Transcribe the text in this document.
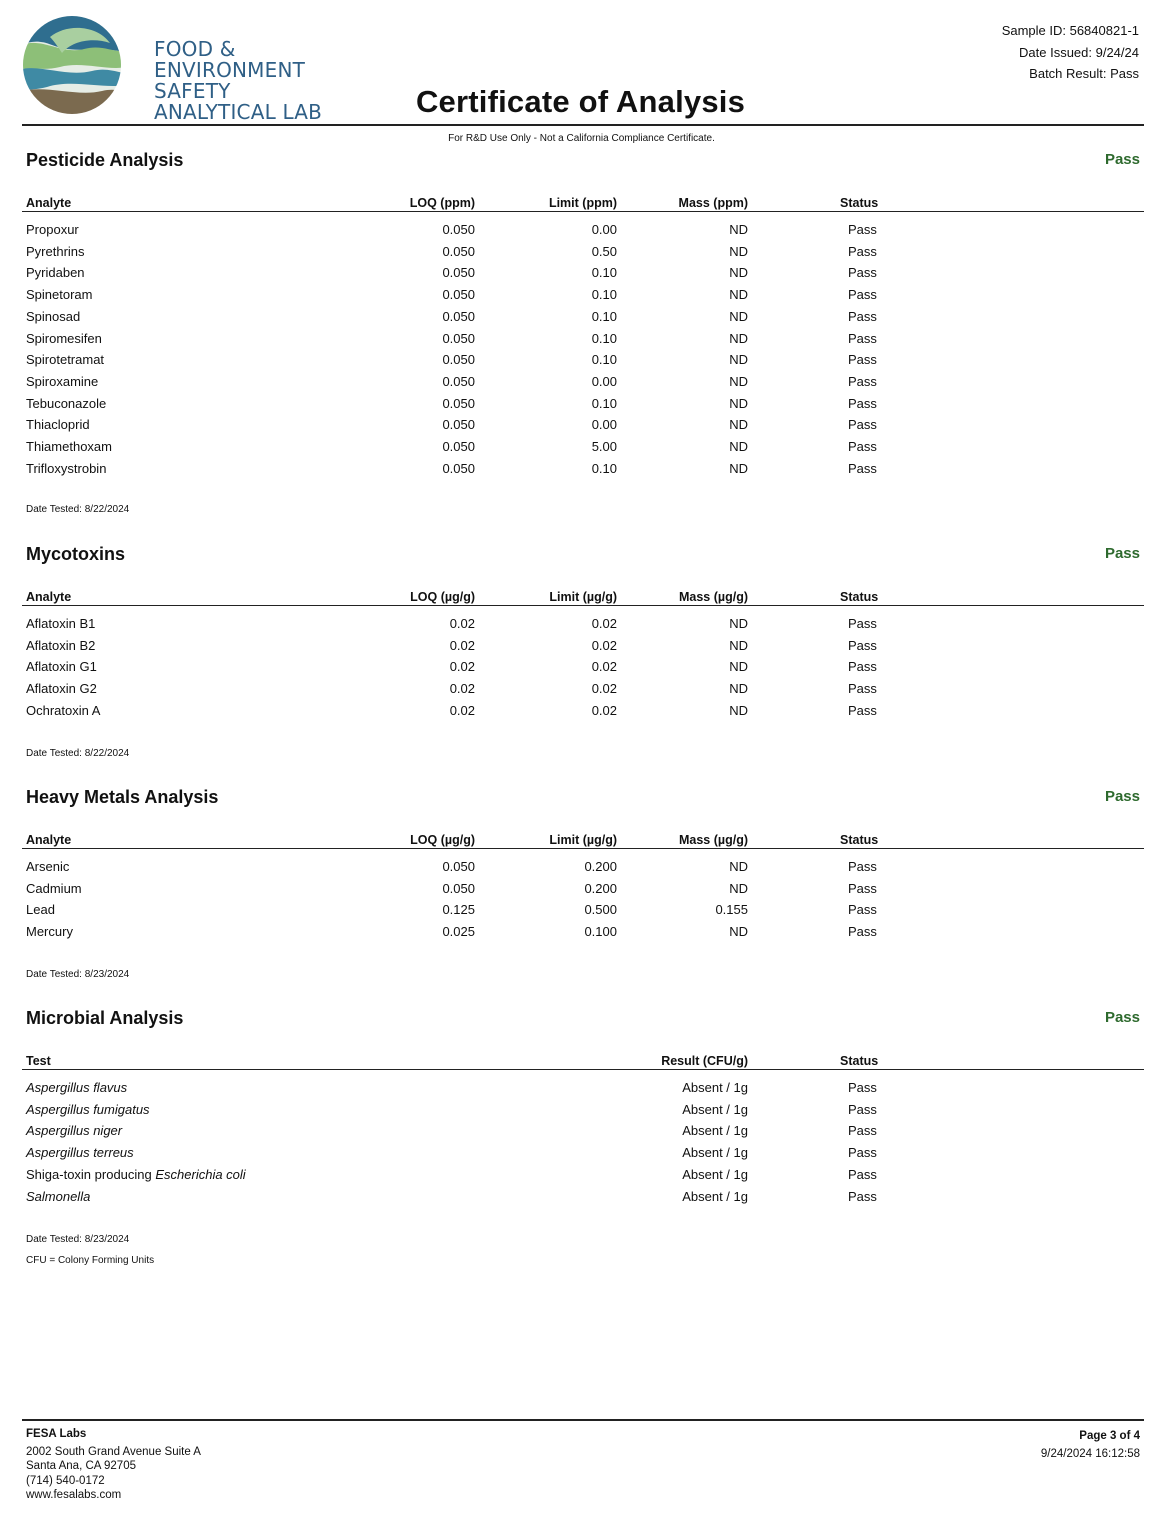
FOOD &
ENVIRONMENT
SAFETY
ANALYTICAL LAB
Sample ID: 56840821-1
Date Issued: 9/24/24
Batch Result: Pass
Certificate of Analysis
For R&D Use Only - Not a California Compliance Certificate.
Pesticide Analysis	Pass
Analyte	LOQ (ppm)	Limit (ppm)	Mass (ppm)	Status
Propoxur	0.050	0.00	ND	Pass
Pyrethrins	0.050	0.50	ND	Pass
Pyridaben	0.050	0.10	ND	Pass
Spinetoram	0.050	0.10	ND	Pass
Spinosad	0.050	0.10	ND	Pass
Spiromesifen	0.050	0.10	ND	Pass
Spirotetramat	0.050	0.10	ND	Pass
Spiroxamine	0.050	0.00	ND	Pass
Tebuconazole	0.050	0.10	ND	Pass
Thiacloprid	0.050	0.00	ND	Pass
Thiamethoxam	0.050	5.00	ND	Pass
Trifloxystrobin	0.050	0.10	ND	Pass
Date Tested: 8/22/2024
Mycotoxins	Pass
Analyte	LOQ (µg/g)	Limit (µg/g)	Mass (µg/g)	Status
Aflatoxin B1	0.02	0.02	ND	Pass
Aflatoxin B2	0.02	0.02	ND	Pass
Aflatoxin G1	0.02	0.02	ND	Pass
Aflatoxin G2	0.02	0.02	ND	Pass
Ochratoxin A	0.02	0.02	ND	Pass
Date Tested: 8/22/2024
Heavy Metals Analysis	Pass
Analyte	LOQ (µg/g)	Limit (µg/g)	Mass (µg/g)	Status
Arsenic	0.050	0.200	ND	Pass
Cadmium	0.050	0.200	ND	Pass
Lead	0.125	0.500	0.155	Pass
Mercury	0.025	0.100	ND	Pass
Date Tested: 8/23/2024
Microbial Analysis	Pass
Test	Result (CFU/g)	Status
Aspergillus flavus	Absent / 1g	Pass
Aspergillus fumigatus	Absent / 1g	Pass
Aspergillus niger	Absent / 1g	Pass
Aspergillus terreus	Absent / 1g	Pass
Shiga-toxin producing Escherichia coli	Absent / 1g	Pass
Salmonella	Absent / 1g	Pass
Date Tested: 8/23/2024
CFU = Colony Forming Units
FESA Labs
2002 South Grand Avenue Suite A
Santa Ana, CA 92705
(714) 540-0172
www.fesalabs.com
Page 3 of 4
9/24/2024 16:12:58
